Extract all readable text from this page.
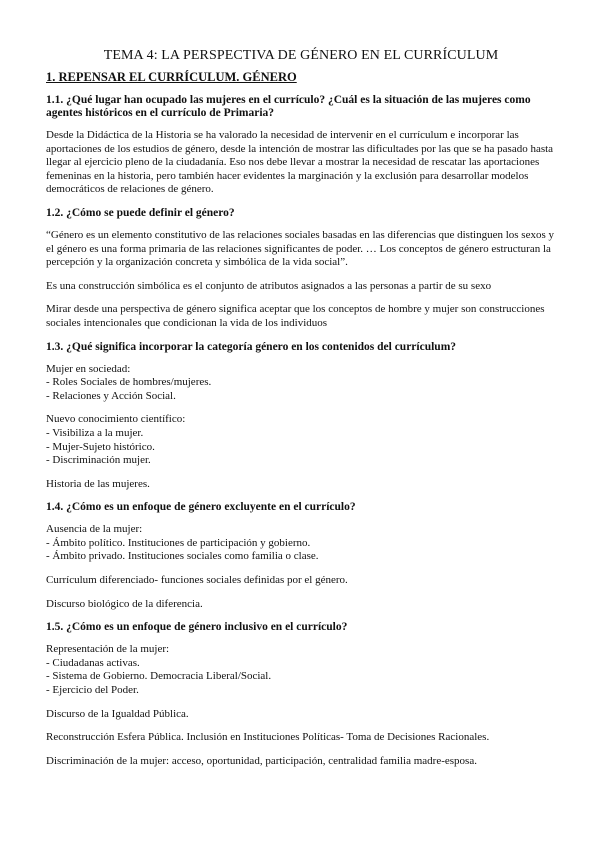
TEMA 4: LA PERSPECTIVA DE GÉNERO EN EL CURRÍCULUM
1. REPENSAR EL CURRÍCULUM. GÉNERO
1.1. ¿Qué lugar han ocupado las mujeres en el currículo? ¿Cuál es la situación de las mujeres como agentes históricos en el currículo de Primaria?

Desde la Didáctica de la Historia se ha valorado la necesidad de intervenir en el currículum e incorporar las aportaciones de los estudios de género, desde la intención de mostrar las dificultades por las que se ha pasado hasta llegar al ejercicio pleno de la ciudadanía. Eso nos debe llevar a mostrar la necesidad de rescatar las aportaciones femeninas en la historia, pero también hacer evidentes la marginación y la exclusión para desarrollar modelos democráticos de relaciones de género.

1.2. ¿Cómo se puede definir el género?

“Género es un elemento constitutivo de las relaciones sociales basadas en las diferencias que distinguen los sexos y el género es una forma primaria de las relaciones significantes de poder. … Los conceptos de género estructuran la percepción y la organización concreta y simbólica de la vida social”.

Es una construcción simbólica es el conjunto de atributos asignados a las personas a partir de su sexo

Mirar desde una perspectiva de género significa aceptar que los conceptos de hombre y mujer son construcciones sociales intencionales que condicionan la vida de los individuos

1.3. ¿Qué significa incorporar la categoría género en los contenidos del currículum?
Mujer en sociedad:
- Roles Sociales de hombres/mujeres.
- Relaciones y Acción Social.
Nuevo conocimiento científico:
- Visibiliza a la mujer.
- Mujer-Sujeto histórico.
- Discriminación mujer.

Historia de las mujeres.

1.4. ¿Cómo es un enfoque de género excluyente en el currículo?
Ausencia de la mujer:
- Ámbito político. Instituciones de participación y gobierno.
- Ámbito privado. Instituciones sociales como familia o clase.

Currículum diferenciado- funciones sociales definidas por el género.

Discurso biológico de la diferencia.

1.5. ¿Cómo es un enfoque de género inclusivo en el currículo?
Representación de la mujer:
- Ciudadanas activas.
- Sistema de Gobierno. Democracia Liberal/Social.
- Ejercicio del Poder.

Discurso de la Igualdad Pública.

Reconstrucción Esfera Pública. Inclusión en Instituciones Políticas- Toma de Decisiones Racionales.

Discriminación de la mujer: acceso, oportunidad, participación, centralidad familia madre-esposa.
